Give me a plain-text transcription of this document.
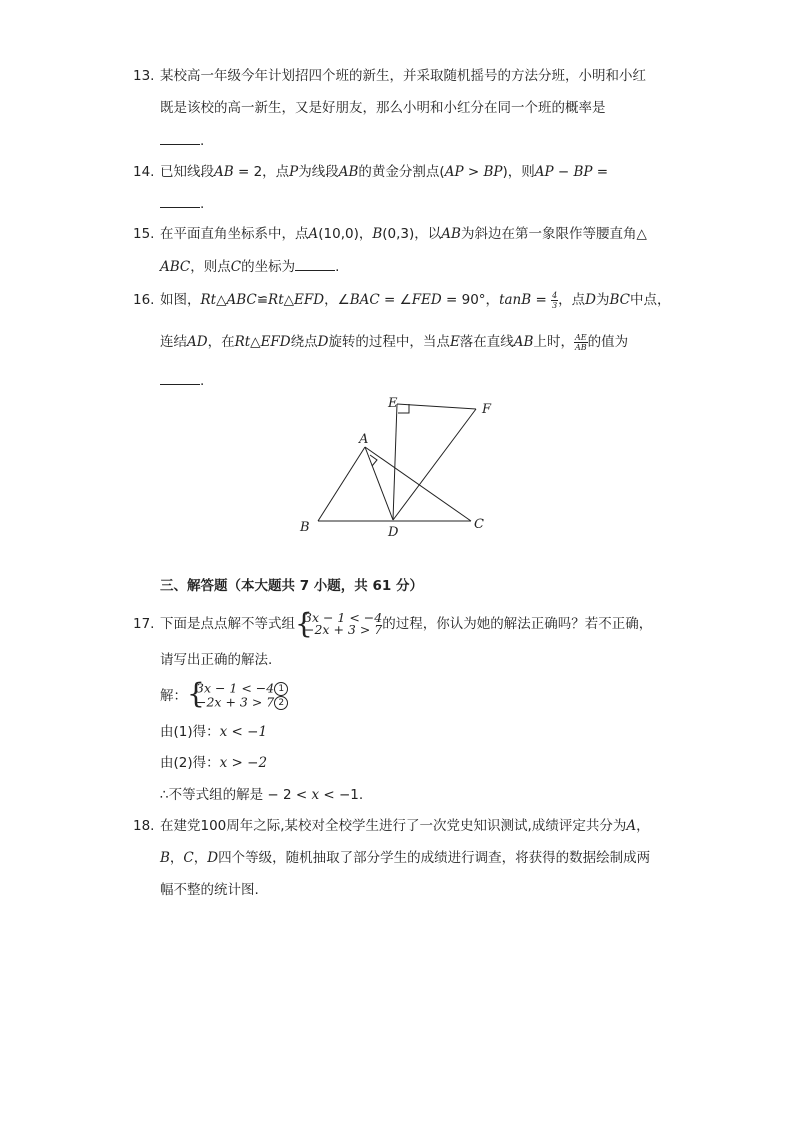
13. 某校高一年级今年计划招四个班的新生，并采取随机摇号的方法分班，小明和小红
既是该校的高一新生，又是好朋友，那么小明和小红分在同一个班的概率是
.
14. 已知线段AB = 2，点P为线段AB的黄金分割点(AP > BP)，则AP − BP =
.
15. 在平面直角坐标系中，点A(10,0)，B(0,3)，以AB为斜边在第一象限作等腰直角△
ABC，则点C的坐标为	.
16. 如图，Rt△ABC≌Rt△EFD，∠BAC = ∠FED = 90°，$\tan B = \frac{4}{3}$ ，点D为BC中点，
连结AD，在Rt△EFD绕点D旋转的过程中，当点E落在直线AB上时， $\frac{AE}{AB}$ 的值为
.
E	F
A
B	C
D
三、解答题（本大题共 7 小题，共 61 分）
17. 下面是点点解不等式组 {
3x − 1 < −4
−2x + 3 > 7 的过程，你认为她的解法正确吗？若不正确，
请写出正确的解法.
解： {
3x − 1 < −4 1
−2x + 3 > 7 2
由(1)得：x < −1
由(2)得：x > −2
∴不等式组的解是 − 2 < x < −1.
18. 在建党100周年之际,某校对全校学生进行了一次党史知识测试,成绩评定共分为A，
B，C，D四个等级，随机抽取了部分学生的成绩进行调查，将获得的数据绘制成两
幅不整的统计图.
